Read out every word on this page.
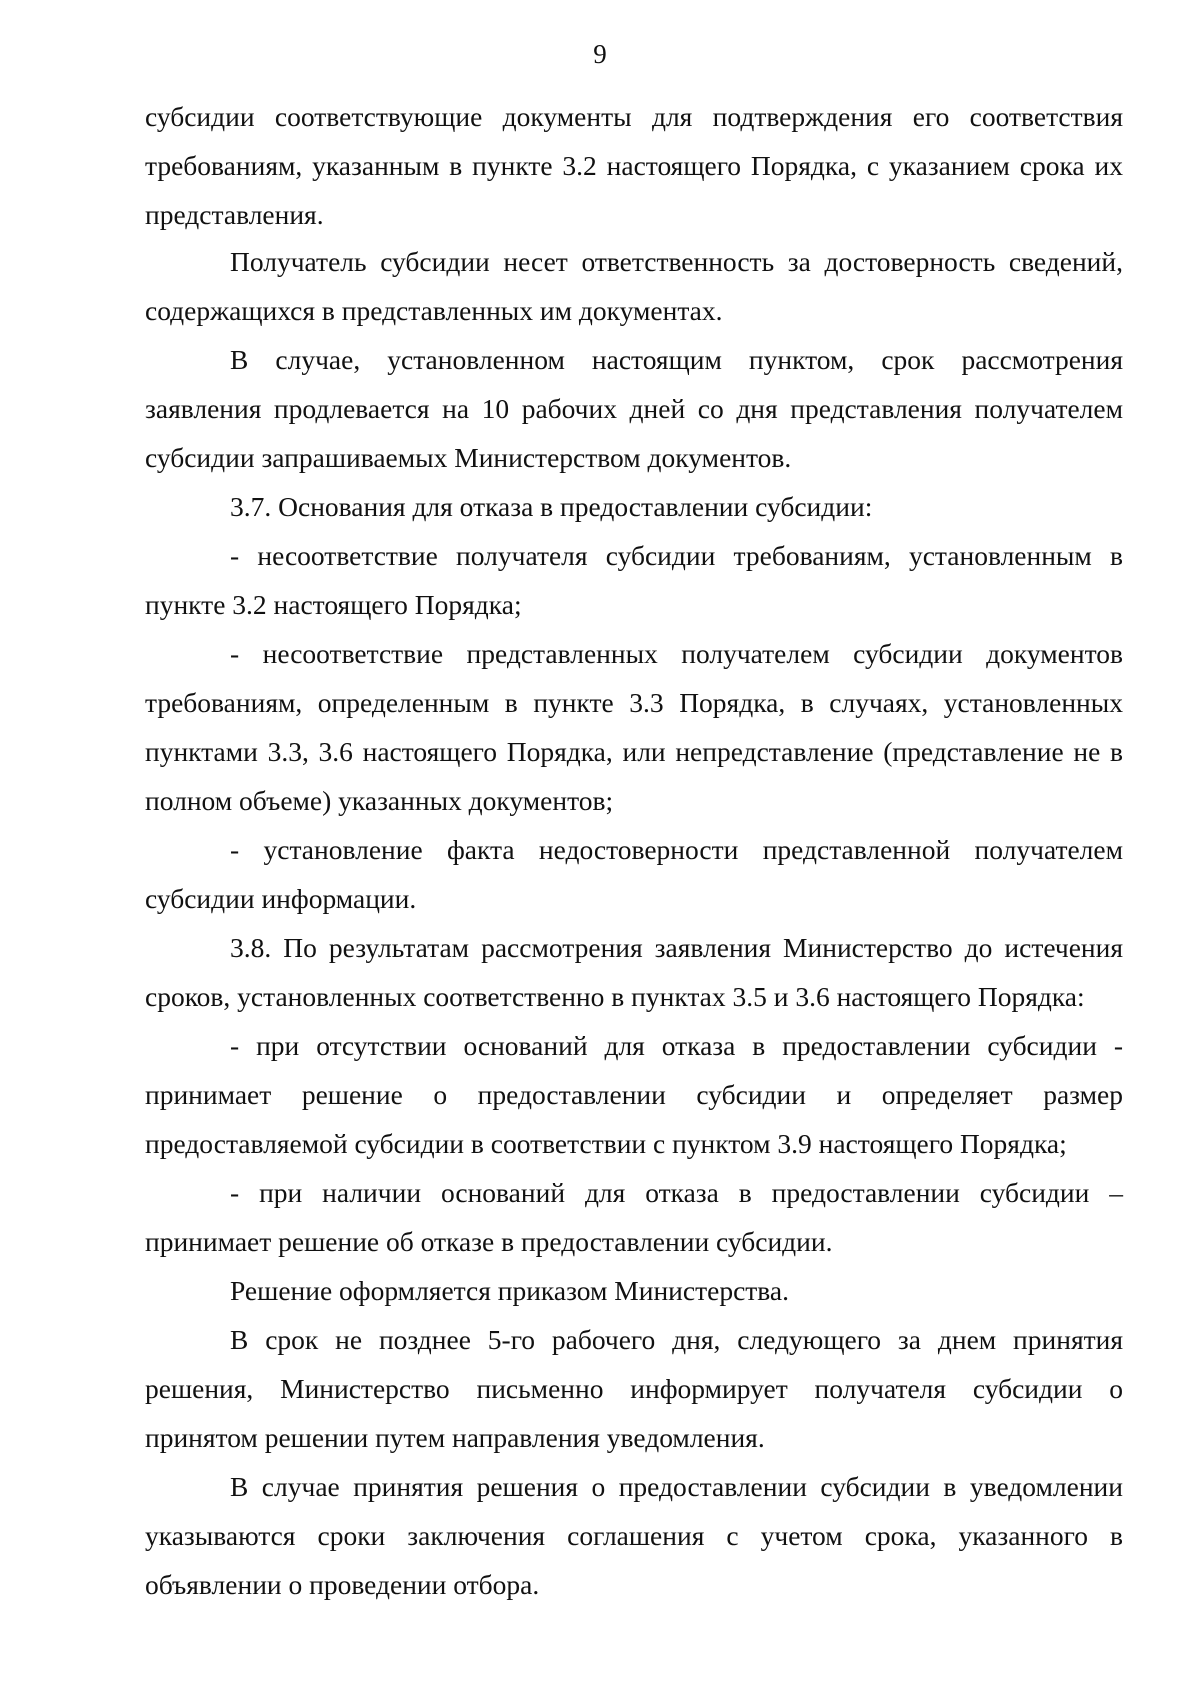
9

субсидии соответствующие документы для подтверждения его соответствия требованиям, указанным в пункте 3.2 настоящего Порядка, с указанием срока их представления.

Получатель субсидии несет ответственность за достоверность сведений, содержащихся в представленных им документах.

В случае, установленном настоящим пунктом, срок рассмотрения заявления продлевается на 10 рабочих дней со дня представления получателем субсидии запрашиваемых Министерством документов.

3.7. Основания для отказа в предоставлении субсидии:

- несоответствие получателя субсидии требованиям, установленным в пункте 3.2 настоящего Порядка;

- несоответствие представленных получателем субсидии документов требованиям, определенным в пункте 3.3 Порядка, в случаях, установленных пунктами 3.3, 3.6 настоящего Порядка, или непредставление (представление не в полном объеме) указанных документов;

- установление факта недостоверности представленной получателем субсидии информации.

3.8. По результатам рассмотрения заявления Министерство до истечения сроков, установленных соответственно в пунктах 3.5 и 3.6 настоящего Порядка:

- при отсутствии оснований для отказа в предоставлении субсидии - принимает решение о предоставлении субсидии и определяет размер предоставляемой субсидии в соответствии с пунктом 3.9 настоящего Порядка;

- при наличии оснований для отказа в предоставлении субсидии – принимает решение об отказе в предоставлении субсидии.

Решение оформляется приказом Министерства.

В срок не позднее 5-го рабочего дня, следующего за днем принятия решения, Министерство письменно информирует получателя субсидии о принятом решении путем направления уведомления.

В случае принятия решения о предоставлении субсидии в уведомлении указываются сроки заключения соглашения с учетом срока, указанного в объявлении о проведении отбора.
